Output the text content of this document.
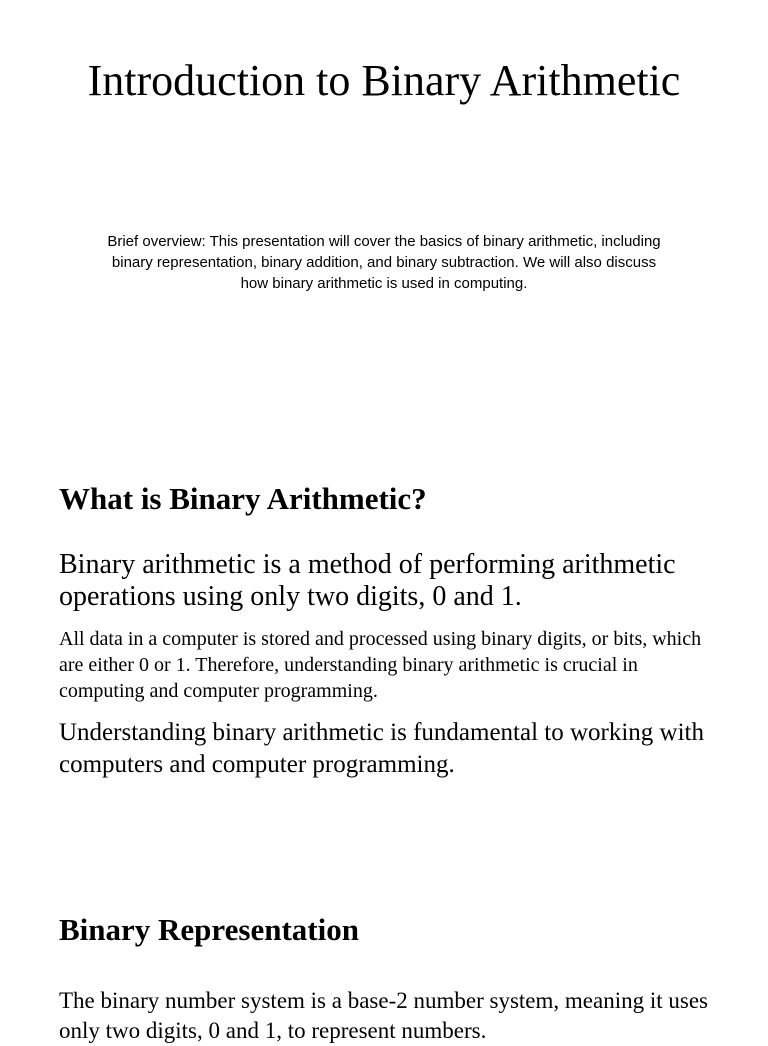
Introduction to Binary Arithmetic

Brief overview: This presentation will cover the basics of binary arithmetic, including binary representation, binary addition, and binary subtraction. We will also discuss how binary arithmetic is used in computing.

What is Binary Arithmetic?

Binary arithmetic is a method of performing arithmetic operations using only two digits, 0 and 1.

All data in a computer is stored and processed using binary digits, or bits, which are either 0 or 1. Therefore, understanding binary arithmetic is crucial in computing and computer programming.

Understanding binary arithmetic is fundamental to working with computers and computer programming.

Binary Representation

The binary number system is a base-2 number system, meaning it uses only two digits, 0 and 1, to represent numbers.
